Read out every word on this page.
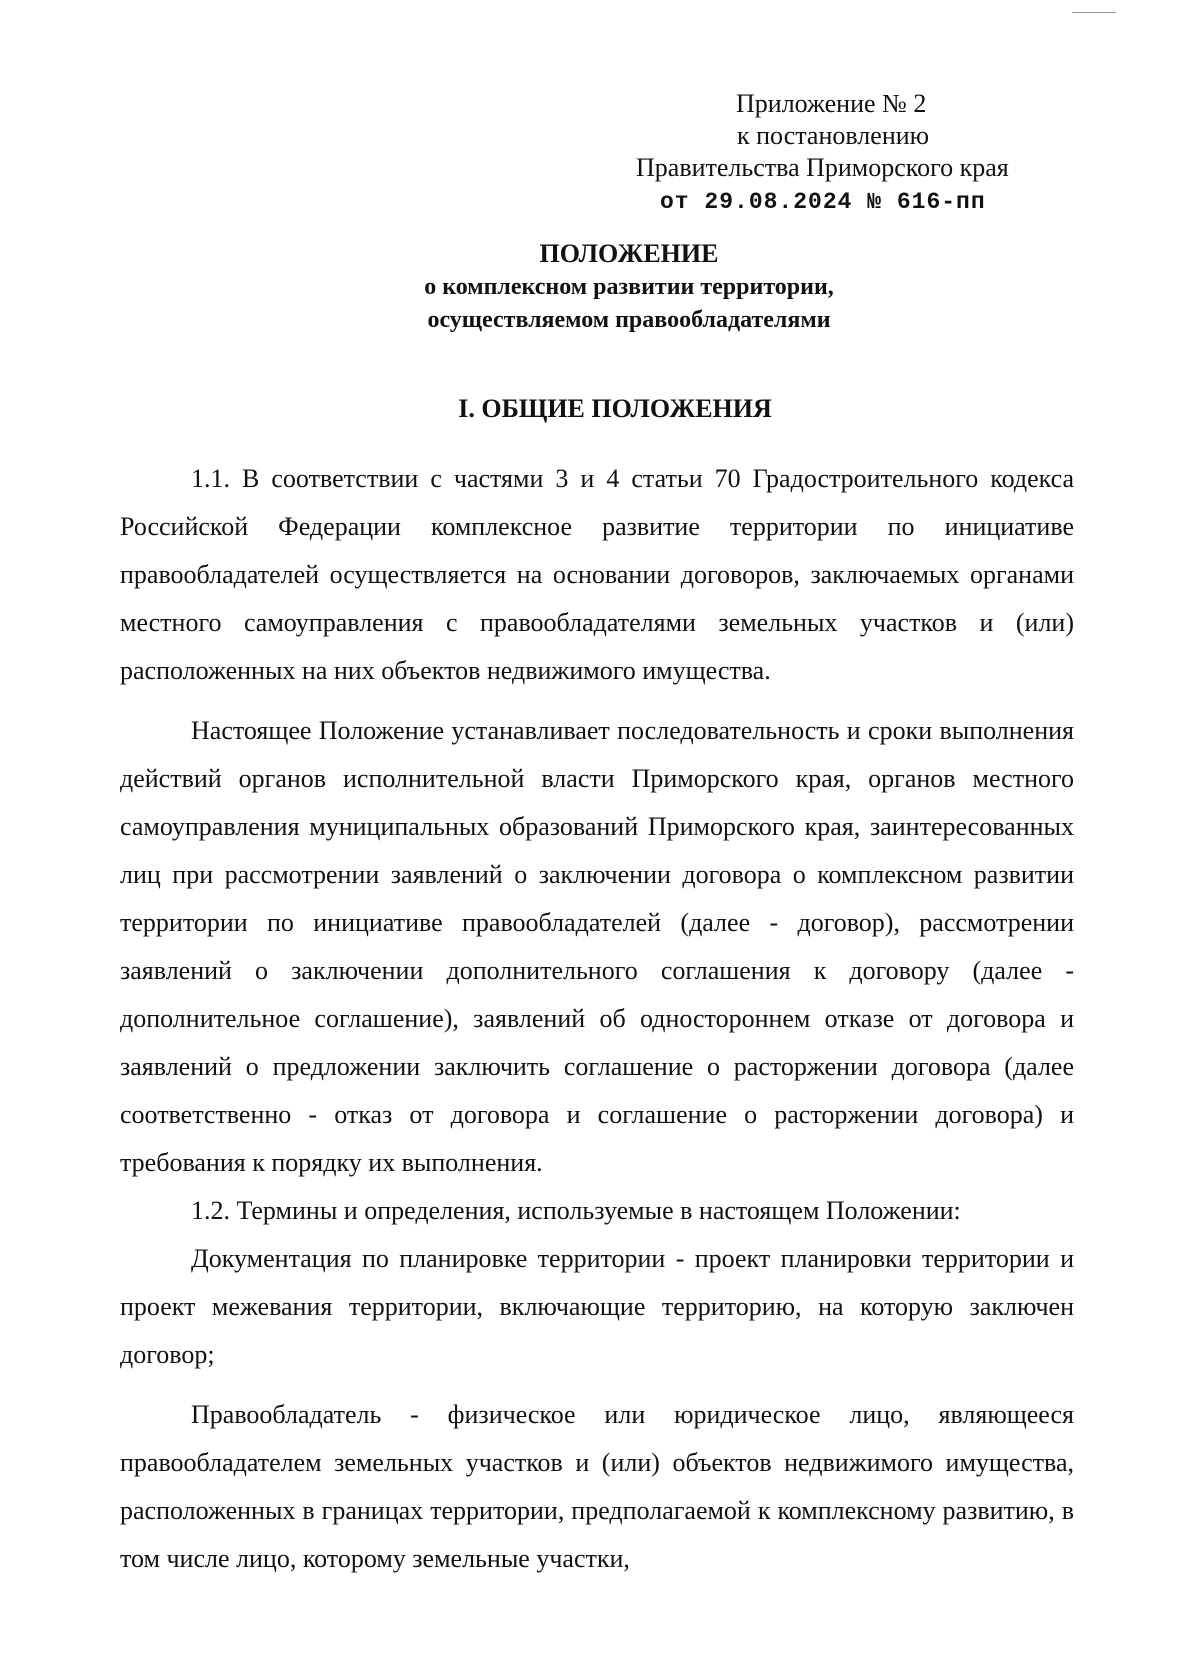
Приложение № 2
к постановлению
Правительства Приморского края
от 29.08.2024 № 616-пп
ПОЛОЖЕНИЕ
о комплексном развитии территории,
осуществляемом правообладателями
I. ОБЩИЕ ПОЛОЖЕНИЯ

1.1. В соответствии с частями 3 и 4 статьи 70 Градостроительного кодекса Российской Федерации комплексное развитие территории по инициативе правообладателей осуществляется на основании договоров, заключаемых органами местного самоуправления с правообладателями земельных участков и (или) расположенных на них объектов недвижимого имущества.

Настоящее Положение устанавливает последовательность и сроки выполнения действий органов исполнительной власти Приморского края, органов местного самоуправления муниципальных образований Приморского края, заинтересованных лиц при рассмотрении заявлений о заключении договора о комплексном развитии территории по инициативе правообладателей (далее - договор), рассмотрении заявлений о заключении дополнительного соглашения к договору (далее - дополнительное соглашение), заявлений об одностороннем отказе от договора и заявлений о предложении заключить соглашение о расторжении договора (далее соответственно - отказ от договора и соглашение о расторжении договора) и требования к порядку их выполнения.

1.2. Термины и определения, используемые в настоящем Положении:

Документация по планировке территории - проект планировки территории и проект межевания территории, включающие территорию, на которую заключен договор;

Правообладатель - физическое или юридическое лицо, являющееся правообладателем земельных участков и (или) объектов недвижимого имущества, расположенных в границах территории, предполагаемой к комплексному развитию, в том числе лицо, которому земельные участки,
